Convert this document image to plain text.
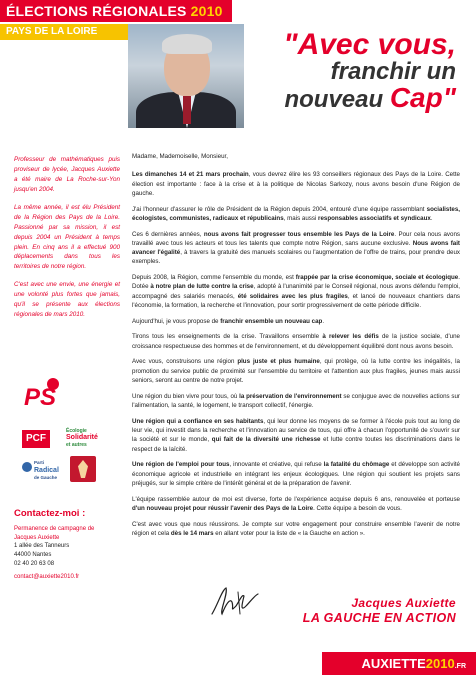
ÉLECTIONS RÉGIONALES 2010
PAYS DE LA LOIRE	"Avec vous,
franchir un
nouveau Cap"

Professeur de mathématiques puis proviseur de lycée, Jacques Auxiette a été maire de La Roche-sur-Yon jusqu'en 2004.

La même année, il est élu Président de la Région des Pays de la Loire. Passionné par sa mission, il est depuis 2004 un Président à temps plein. En cinq ans il a effectué 900 déplacements dans tous les territoires de notre région.

C'est avec une envie, une énergie et une volonté plus fortes que jamais, qu'il se présente aux élections régionales de mars 2010.

PS
PCF
Écologie
Solidarité
et autres
Parti
Radical
de Gauche
Contactez-moi :
Permanence de campagne de
Jacques Auxiette
1 allée des Tanneurs
44000 Nantes
02 40 20 63 08
contact@auxiette2010.fr

Madame, Mademoiselle, Monsieur,

Les dimanches 14 et 21 mars prochain, vous devrez élire les 93 conseillers régionaux des Pays de la Loire. Cette élection est importante : face à la crise et à la politique de Nicolas Sarkozy, nous avons besoin d'une Région de gauche.

J'ai l'honneur d'assurer le rôle de Président de la Région depuis 2004, entouré d'une équipe rassemblant socialistes, écologistes, communistes, radicaux et républicains, mais aussi responsables associatifs et syndicaux.

Ces 6 dernières années, nous avons fait progresser tous ensemble les Pays de la Loire. Pour cela nous avons travaillé avec tous les acteurs et tous les talents que compte notre Région, sans aucune exclusive. Nous avons fait avancer l'égalité, à travers la gratuité des manuels scolaires ou l'augmentation de l'offre de trains, pour prendre deux exemples.

Depuis 2008, la Région, comme l'ensemble du monde, est frappée par la crise économique, sociale et écologique. Dotée à notre plan de lutte contre la crise, adopté à l'unanimité par le Conseil régional, nous avons défendu l'emploi, accompagné des salariés menacés, été solidaires avec les plus fragiles, et lancé de nouveaux chantiers dans l'économie, la formation, la recherche et l'innovation, pour sortir progressivement de cette période difficile.

Aujourd'hui, je vous propose de franchir ensemble un nouveau cap.

Tirons tous les enseignements de la crise. Travaillons ensemble à relever les défis de la justice sociale, d'une croissance respectueuse des hommes et de l'environnement, et du développement équilibré dont nous avons besoin.

Avec vous, construisons une région plus juste et plus humaine, qui protège, où la lutte contre les inégalités, la promotion du service public de proximité sur l'ensemble du territoire et l'attention aux plus fragiles, jeunes mais aussi seniors, seront au centre de notre projet.

Une région du bien vivre pour tous, où la préservation de l'environnement se conjugue avec de nouvelles actions sur l'alimentation, la santé, le logement, le transport collectif, l'énergie.

Une région qui a confiance en ses habitants, qui leur donne les moyens de se former à l'école puis tout au long de leur vie, qui investit dans la recherche et l'innovation au service de tous, qui offre à chacun l'opportunité de s'ouvrir sur la société et sur le monde, qui fait de la diversité une richesse et lutte contre toutes les discriminations dans le respect de la laïcité.

Une région de l'emploi pour tous, innovante et créative, qui refuse la fatalité du chômage et développe son activité économique agricole et industrielle en intégrant les enjeux écologiques. Une région qui soutient les projets sans préjugés, sur le simple critère de l'intérêt général et de la préparation de l'avenir.

L'équipe rassemblée autour de moi est diverse, forte de l'expérience acquise depuis 6 ans, renouvelée et porteuse d'un nouveau projet pour réussir l'avenir des Pays de la Loire. Cette équipe a besoin de vous.

C'est avec vous que nous réussirons. Je compte sur votre engagement pour construire ensemble l'avenir de notre région et cela dès le 14 mars en allant voter pour la liste de « la Gauche en action ».

Jacques Auxiette
LA GAUCHE EN ACTION
AUXIETTE2010.FR
